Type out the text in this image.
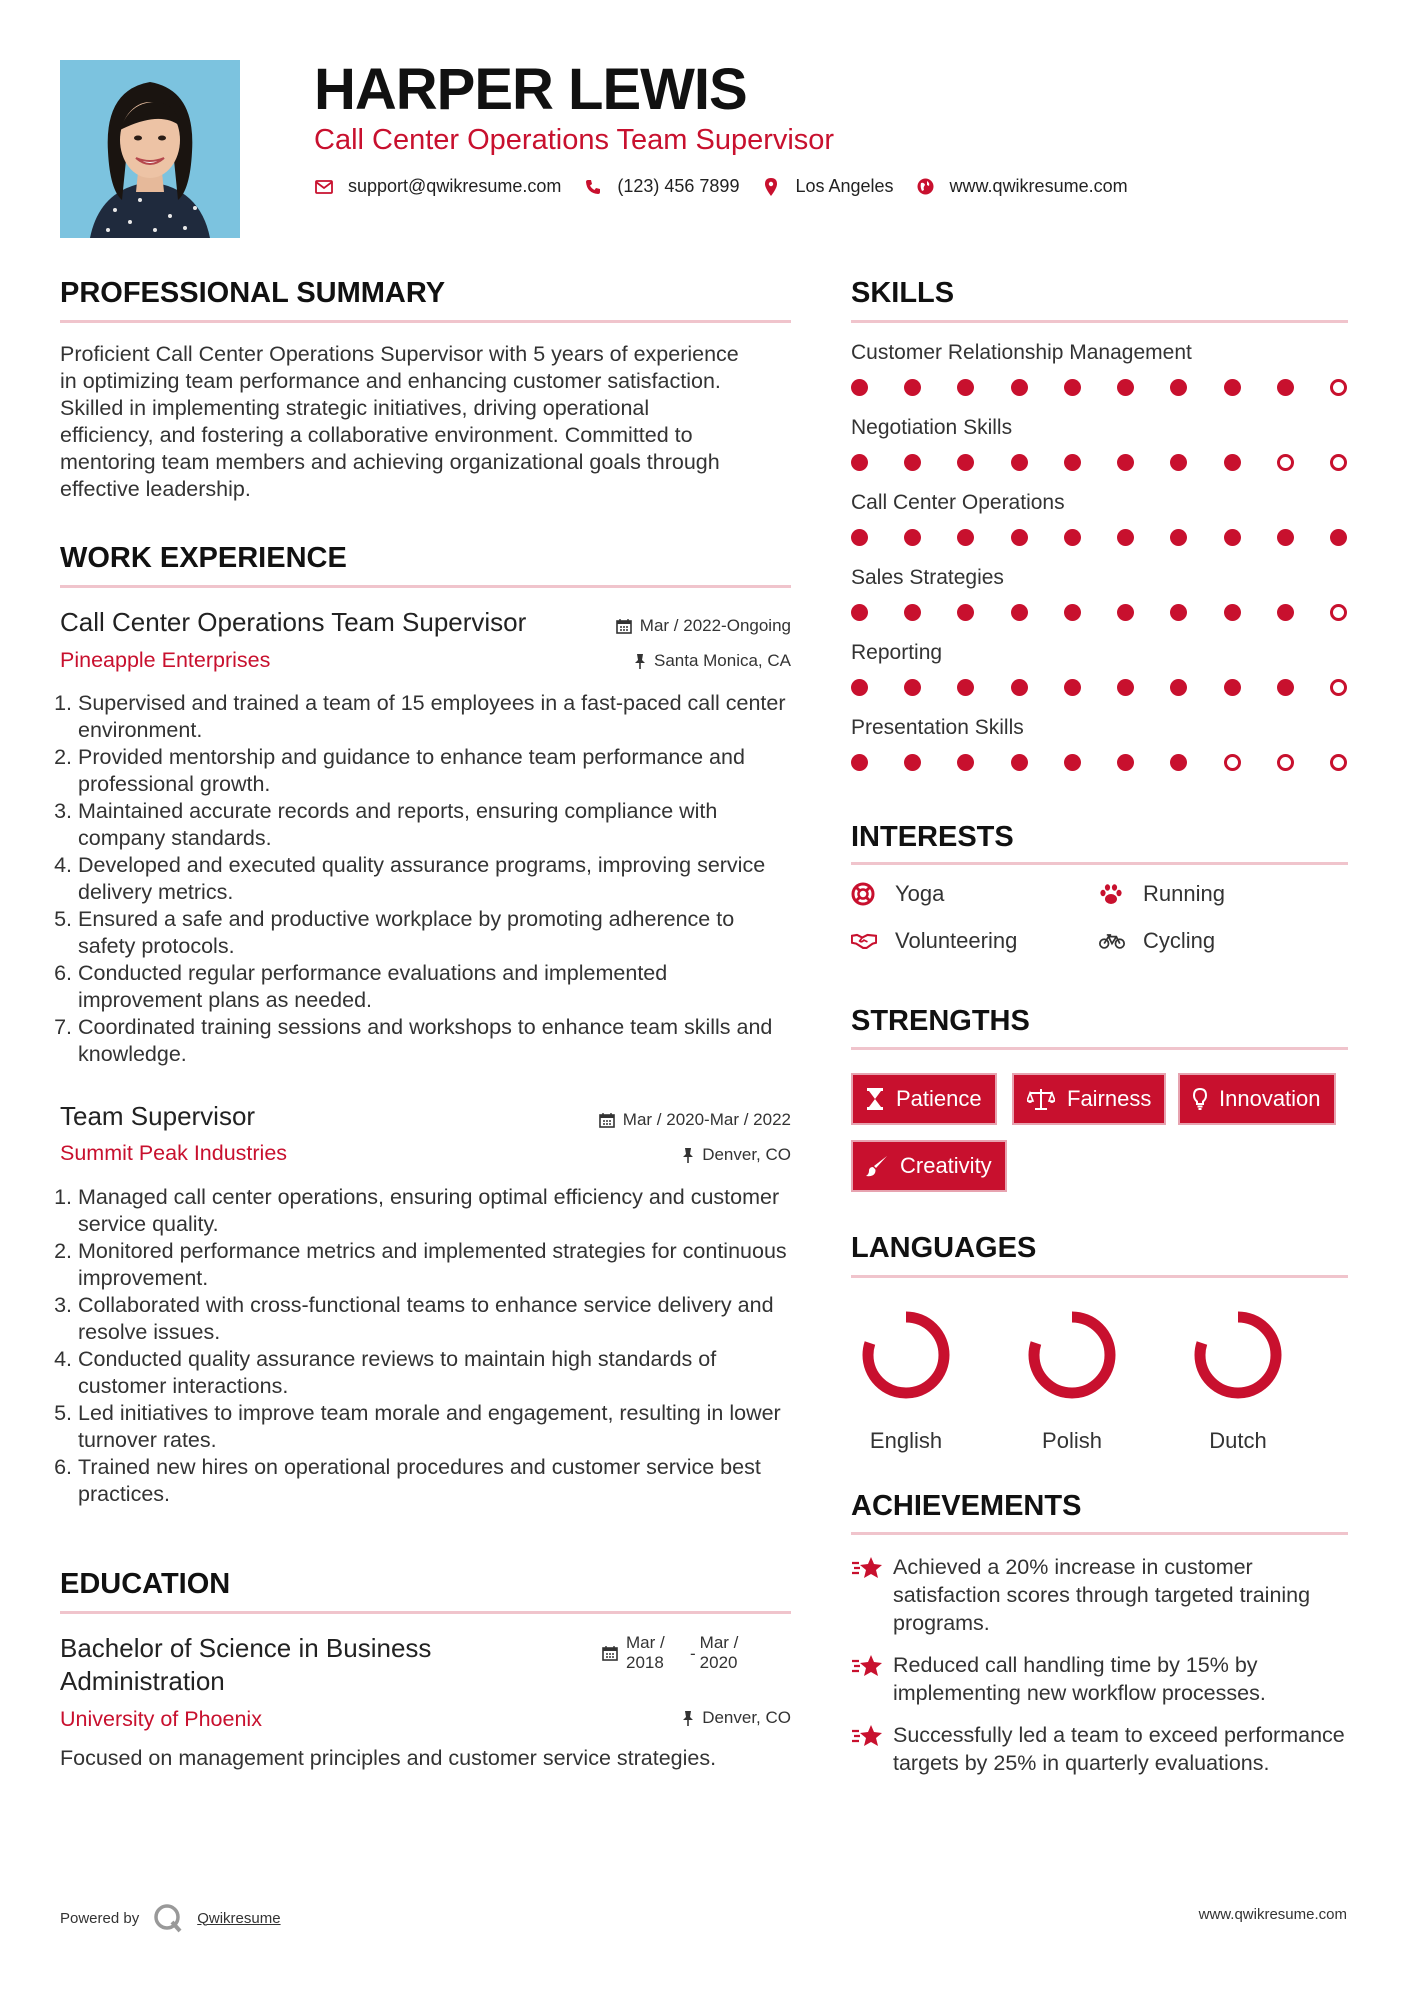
HARPER LEWIS
Call Center Operations Team Supervisor
support@qwikresume.com	(123) 456 7899	Los Angeles	www.qwikresume.com
PROFESSIONAL SUMMARY
Proficient Call Center Operations Supervisor with 5 years of experience
in optimizing team performance and enhancing customer satisfaction.
Skilled in implementing strategic initiatives, driving operational
efficiency, and fostering a collaborative environment. Committed to
mentoring team members and achieving organizational goals through
effective leadership.
WORK EXPERIENCE
Call Center Operations Team Supervisor	Mar / 2022-Ongoing
Pineapple Enterprises	Santa Monica, CA
1. Supervised and trained a team of 15 employees in a fast-paced call center environment.
2. Provided mentorship and guidance to enhance team performance and professional growth.
3. Maintained accurate records and reports, ensuring compliance with company standards.
4. Developed and executed quality assurance programs, improving service delivery metrics.
5. Ensured a safe and productive workplace by promoting adherence to safety protocols.
6. Conducted regular performance evaluations and implemented improvement plans as needed.
7. Coordinated training sessions and workshops to enhance team skills and knowledge.
Team Supervisor	Mar / 2020-Mar / 2022
Summit Peak Industries	Denver, CO
1. Managed call center operations, ensuring optimal efficiency and customer service quality.
2. Monitored performance metrics and implemented strategies for continuous improvement.
3. Collaborated with cross-functional teams to enhance service delivery and resolve issues.
4. Conducted quality assurance reviews to maintain high standards of customer interactions.
5. Led initiatives to improve team morale and engagement, resulting in lower turnover rates.
6. Trained new hires on operational procedures and customer service best practices.
EDUCATION
Bachelor of Science in Business Administration
Mar / 2018	-
Mar / 2020
University of Phoenix	Denver, CO
Focused on management principles and customer service strategies.
SKILLS
Customer Relationship Management
Negotiation Skills
Call Center Operations
Sales Strategies
Reporting
Presentation Skills
INTERESTS
Yoga	Running
Volunteering	Cycling
STRENGTHS
Patience	Fairness	Innovation
Creativity
LANGUAGES
English	Polish	Dutch
ACHIEVEMENTS
Achieved a 20% increase in customer satisfaction scores through targeted training programs.
Reduced call handling time by 15% by implementing new workflow processes.
Successfully led a team to exceed performance targets by 25% in quarterly evaluations.
Powered by	Qwikresume	www.qwikresume.com
